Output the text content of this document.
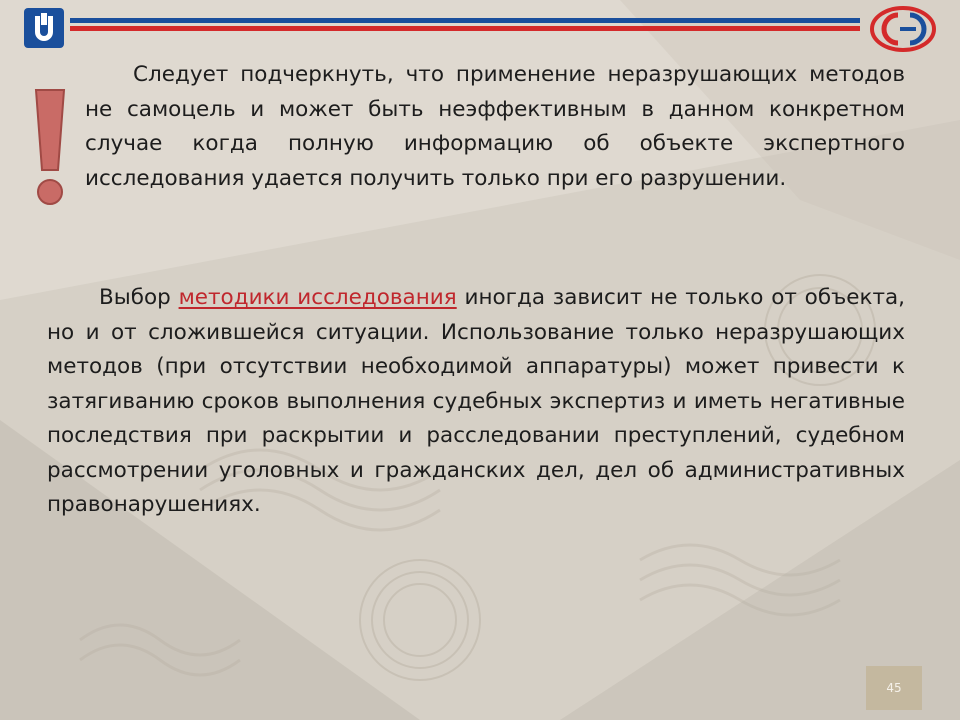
Следует подчеркнуть, что применение неразрушающих методов не самоцель и может быть неэффективным в данном конкретном случае когда полную информацию об объекте экспертного исследования удается получить только при его разрушении.

Выбор методики исследования иногда зависит не только от объекта, но и от сложившейся ситуации. Использование только неразрушающих методов (при отсутствии необходимой аппаратуры) может привести к затягиванию сроков выполнения судебных экспертиз и иметь негативные последствия при раскрытии и расследовании преступлений, судебном рассмотрении уголовных и гражданских дел, дел об административных правонарушениях.

45
